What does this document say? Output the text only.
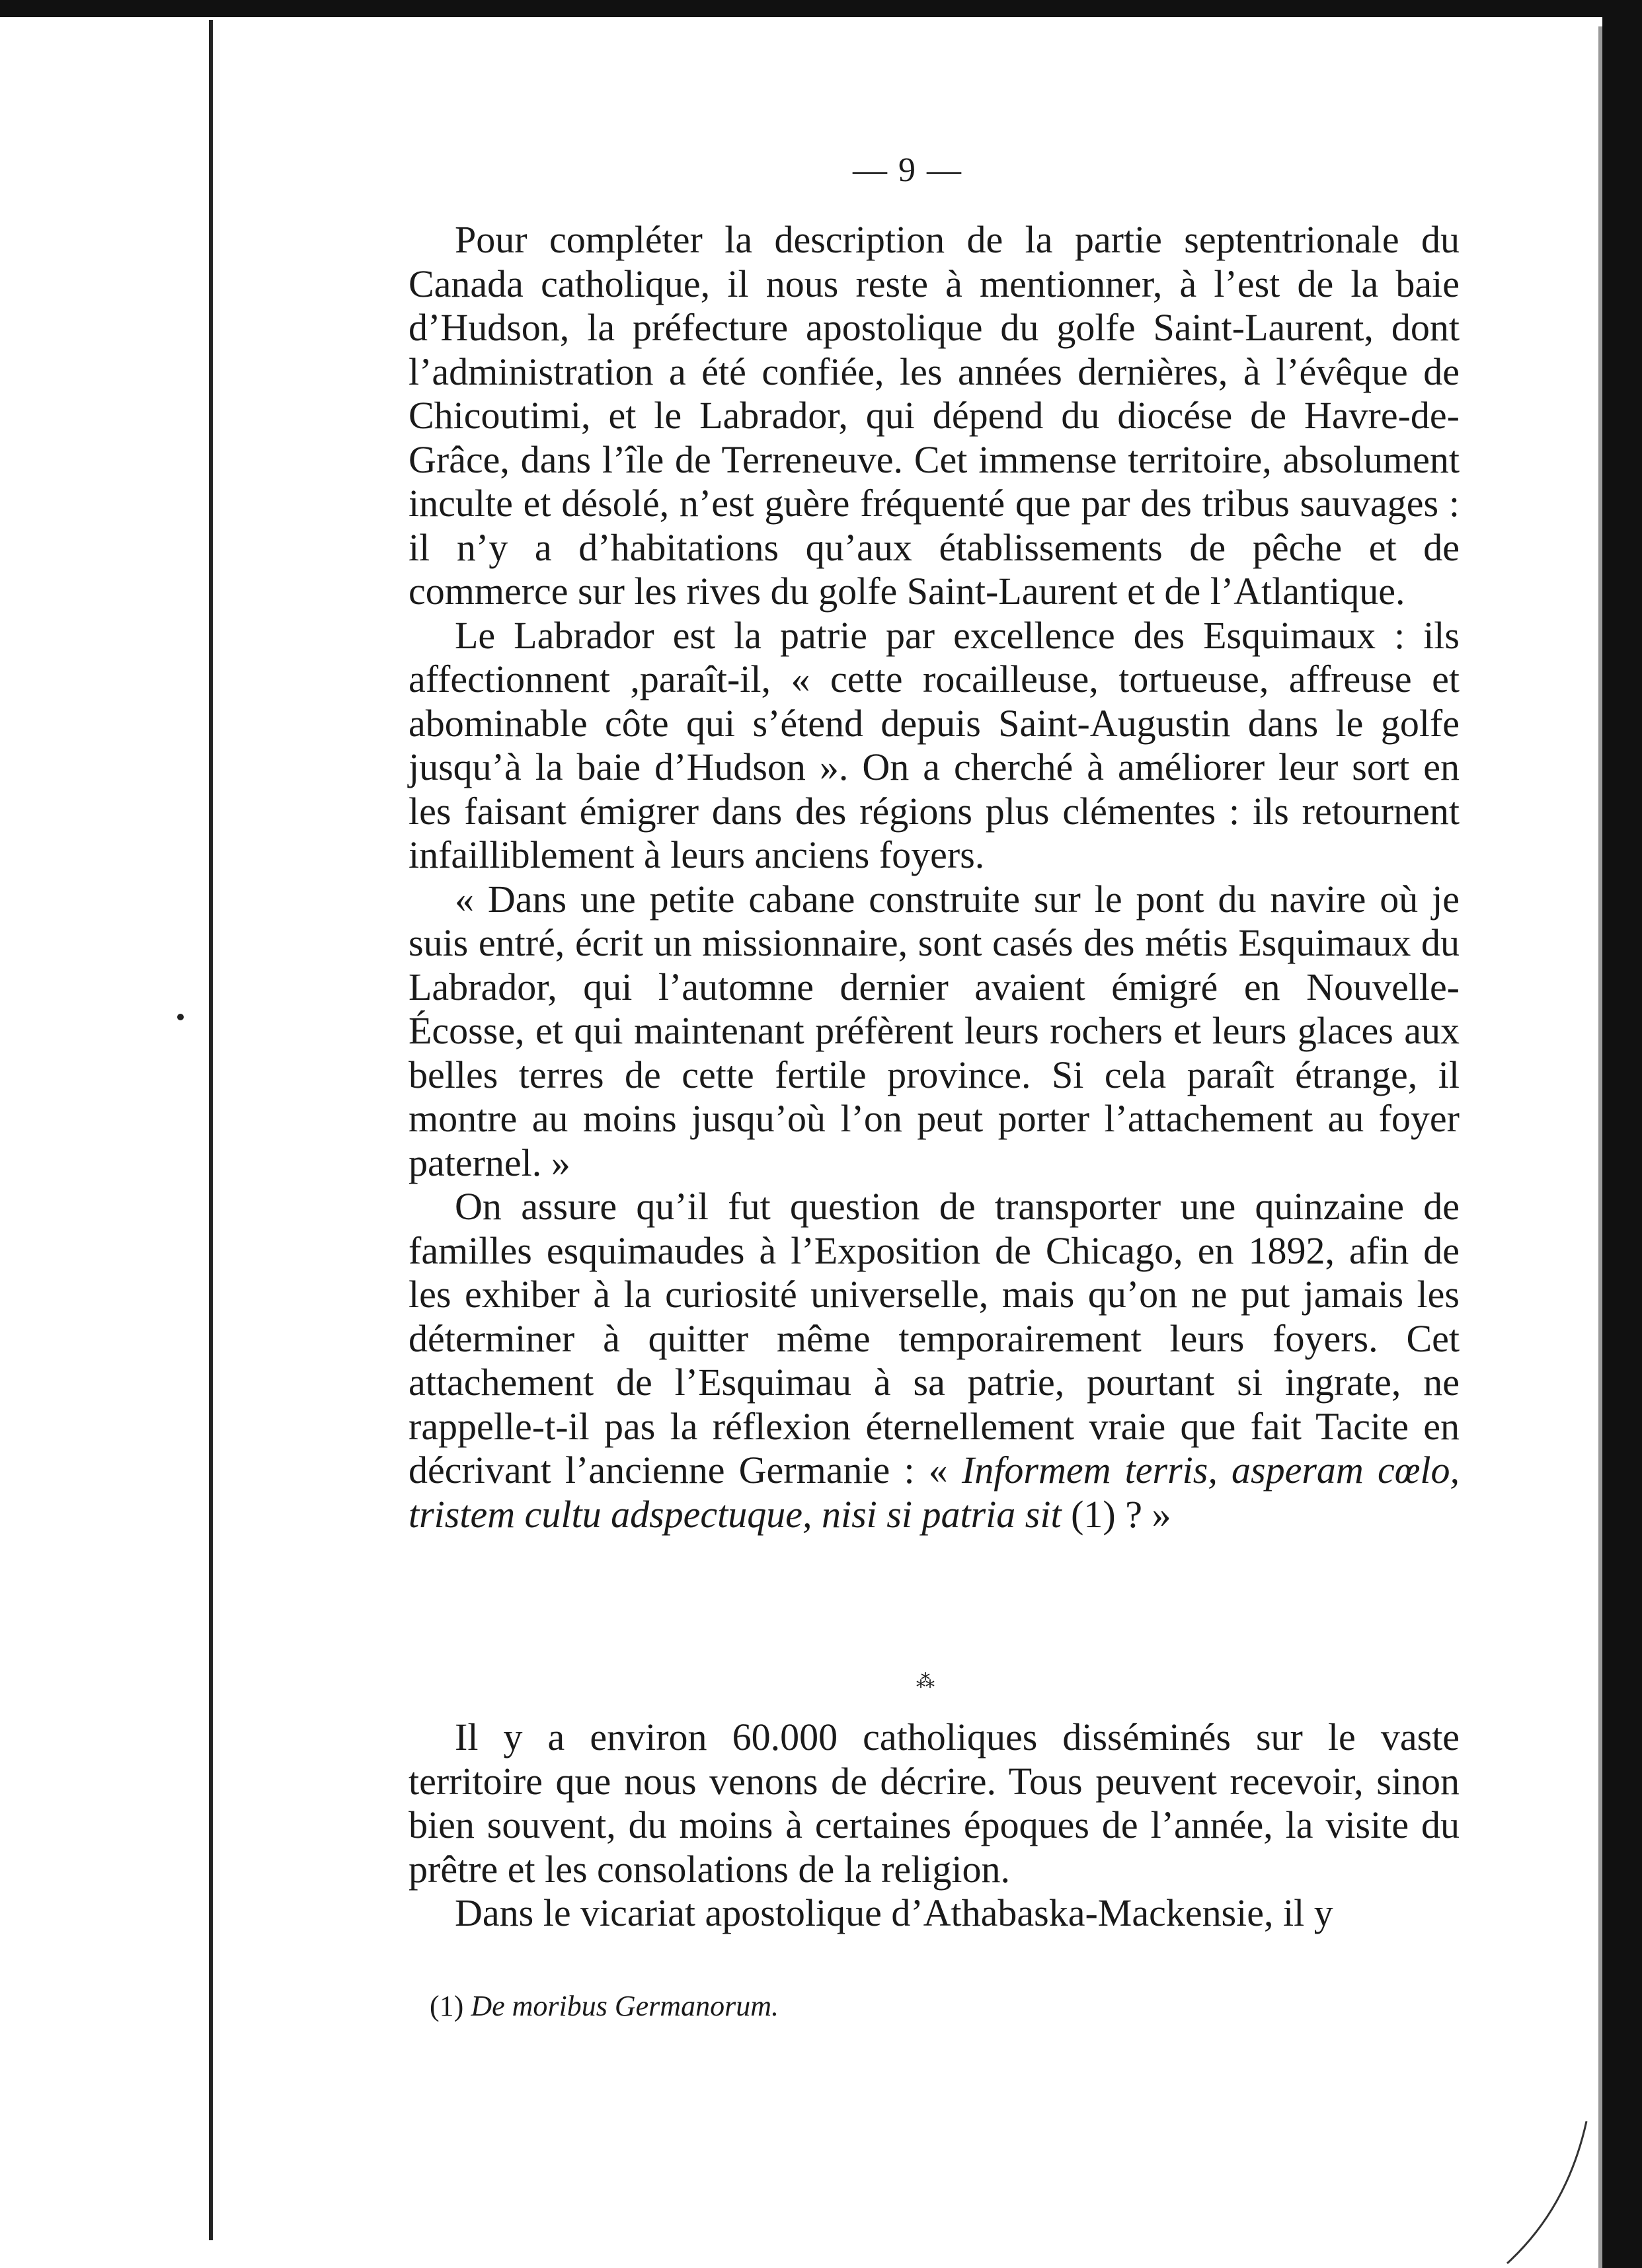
— 9 —

Pour compléter la description de la partie septentrionale du Canada catholique, il nous reste à mentionner, à l’est de la baie d’Hudson, la préfecture apostolique du golfe Saint-Laurent, dont l’administration a été confiée, les années dernières, à l’évêque de Chicoutimi, et le Labrador, qui dépend du diocése de Havre-de-Grâce, dans l’île de Terreneuve. Cet immense territoire, absolument inculte et désolé, n’est guère fréquenté que par des tribus sauvages : il n’y a d’habitations qu’aux établissements de pêche et de commerce sur les rives du golfe Saint-Laurent et de l’Atlantique.

Le Labrador est la patrie par excellence des Esquimaux : ils affectionnent ,paraît-il, « cette rocailleuse, tortueuse, affreuse et abominable côte qui s’étend depuis Saint-Augustin dans le golfe jusqu’à la baie d’Hudson ». On a cherché à améliorer leur sort en les faisant émigrer dans des régions plus clémentes : ils retournent infailliblement à leurs anciens foyers.

« Dans une petite cabane construite sur le pont du navire où je suis entré, écrit un missionnaire, sont casés des métis Esquimaux du Labrador, qui l’automne dernier avaient émigré en Nouvelle-Écosse, et qui maintenant préfèrent leurs rochers et leurs glaces aux belles terres de cette fertile province. Si cela paraît étrange, il montre au moins jusqu’où l’on peut porter l’attachement au foyer paternel. »

On assure qu’il fut question de transporter une quinzaine de familles esquimaudes à l’Exposition de Chicago, en 1892, afin de les exhiber à la curiosité universelle, mais qu’on ne put jamais les déterminer à quitter même temporairement leurs foyers. Cet attachement de l’Esquimau à sa patrie, pourtant si ingrate, ne rappelle-t-il pas la réflexion éternellement vraie que fait Tacite en décrivant l’ancienne Germanie : « Informem terris, asperam cœlo, tristem cultu adspectuque, nisi si patria sit (1) ? »

⁂

Il y a environ 60.000 catholiques disséminés sur le vaste territoire que nous venons de décrire. Tous peuvent recevoir, sinon bien souvent, du moins à certaines époques de l’année, la visite du prêtre et les consolations de la religion.

Dans le vicariat apostolique d’Athabaska-Mackensie, il y

(1) De moribus Germanorum.
